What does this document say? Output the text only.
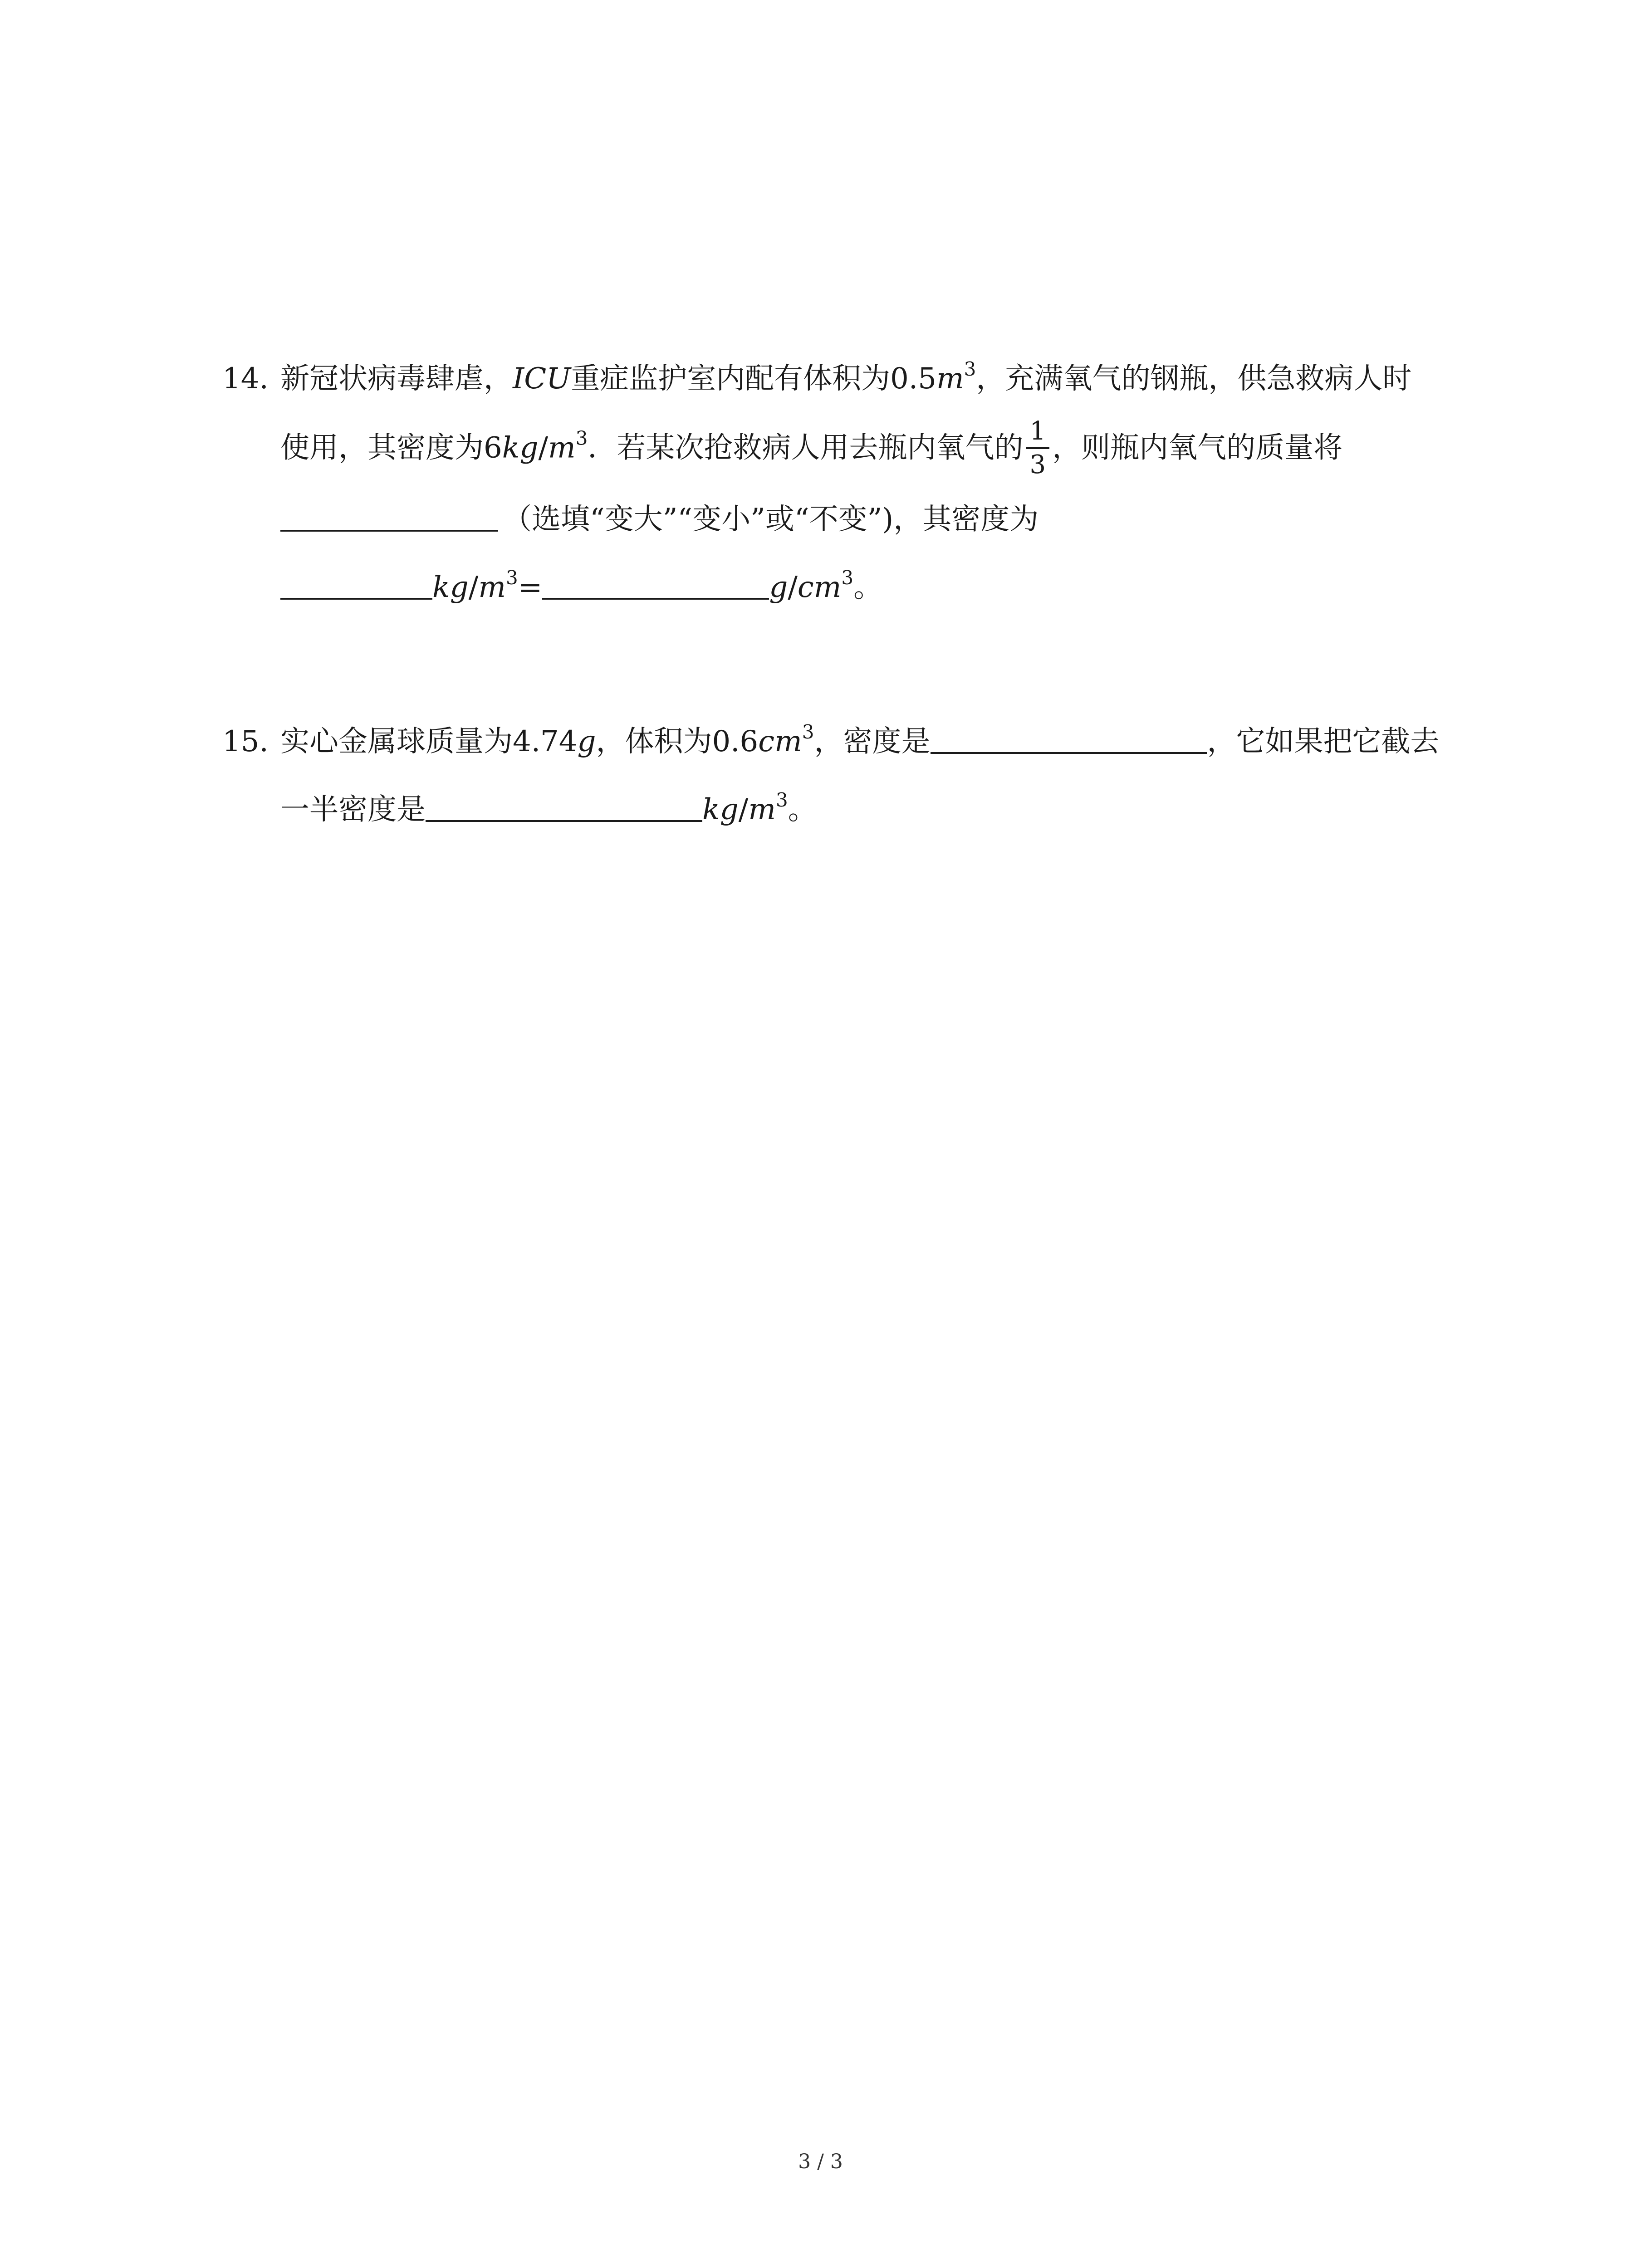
14. 新冠状病毒肆虐，ICU重症监护室内配有体积为$0.5m^3$，充满氧气的钢瓶，供急救病人时
使用，其密度为$6kg/m^3$．若某次抢救病人用去瓶内氧气的 $\frac{1}{3}$ ，则瓶内氧气的质量将
（选填“变大”“变小”或“不变”)，其密度为
$kg/m^3=$	$g/cm^3$。
15. 实心金属球质量为4.74g，体积为$0.6cm^3$，密度是	，它如果把它截去
一半密度是	$kg/m^3$。
3 / 3
